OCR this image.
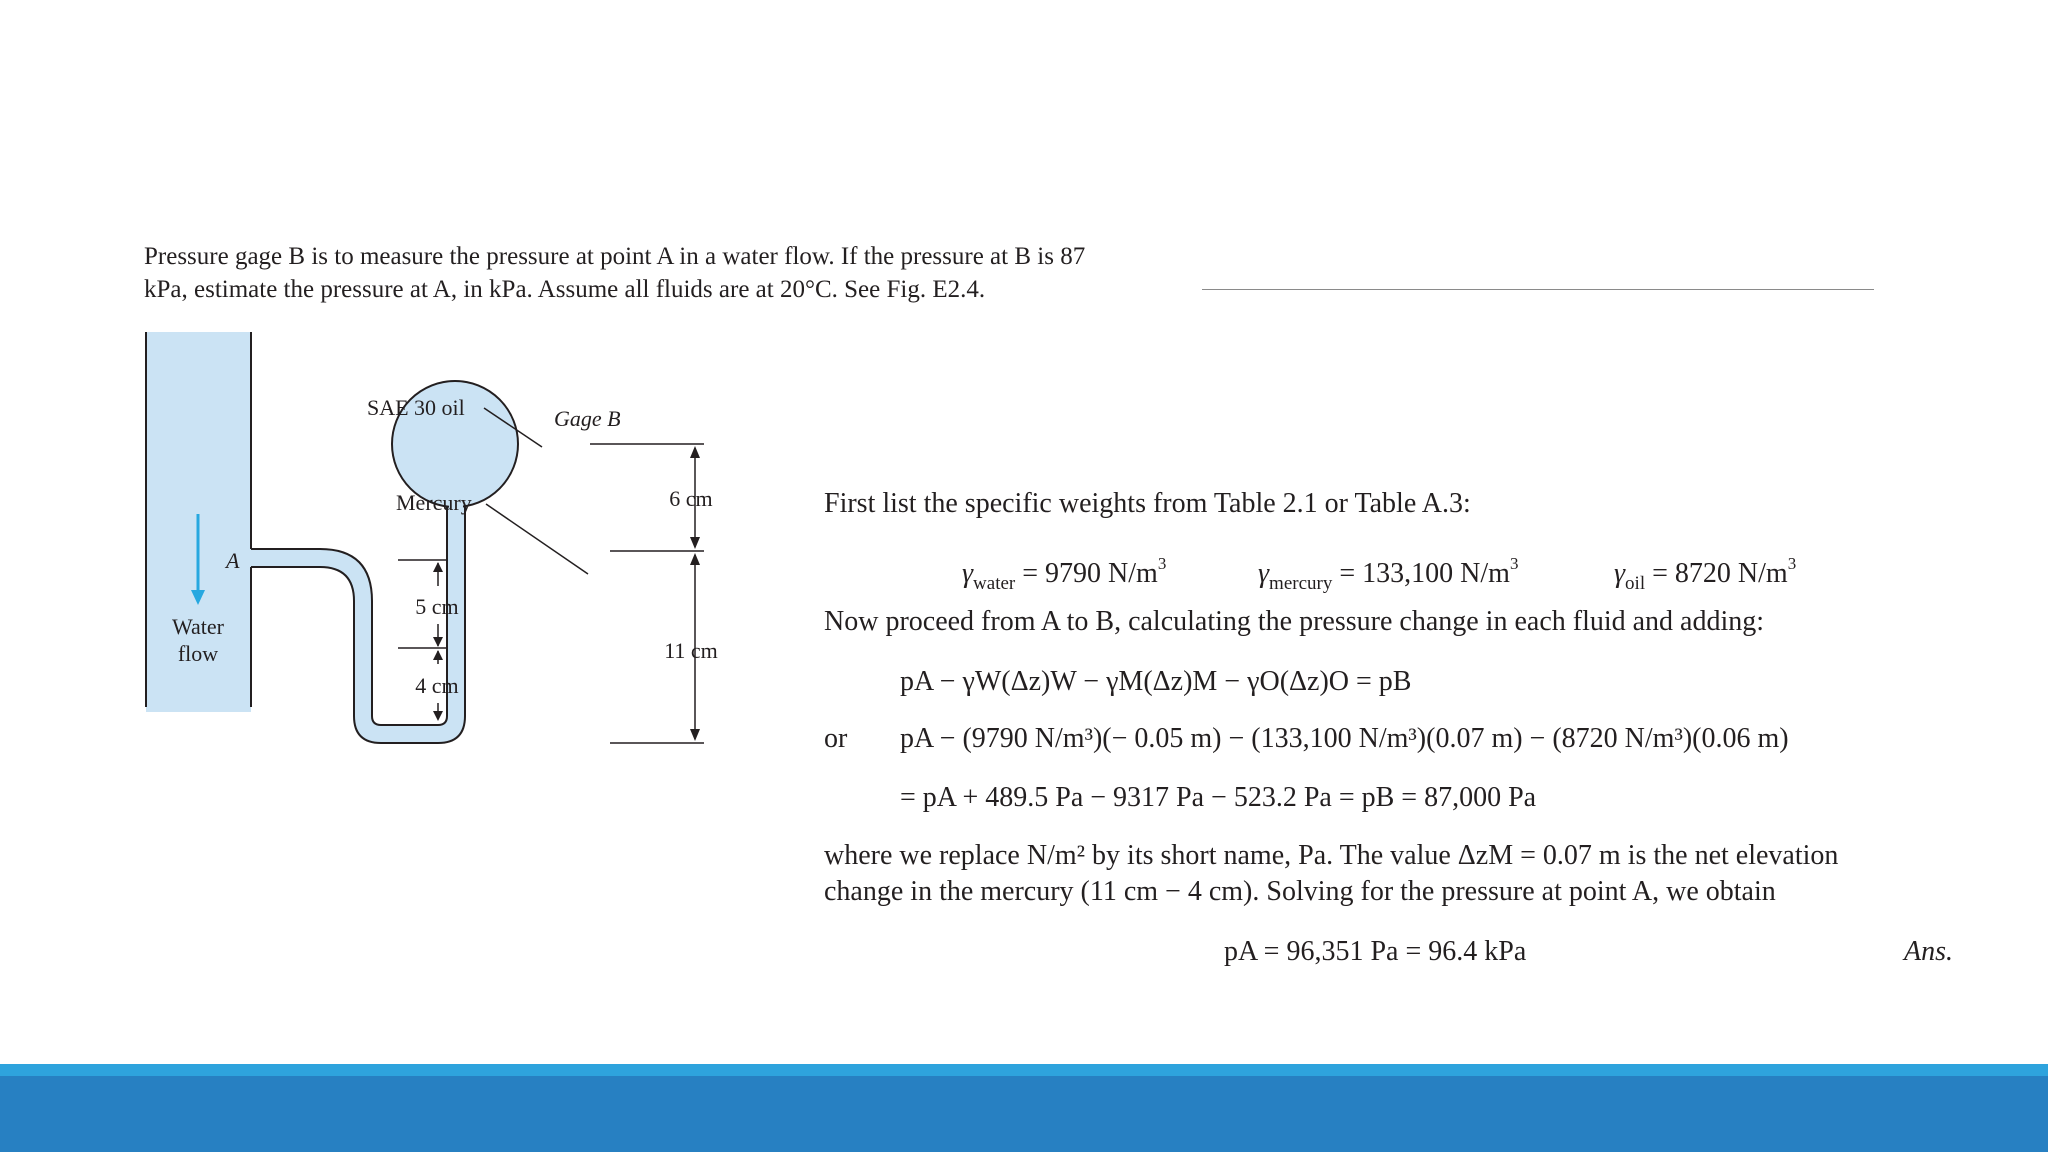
Pressure gage B is to measure the pressure at point A in a water flow. If the pressure at B is 87

kPa, estimate the pressure at A, in kPa. Assume all fluids are at 20°C. See Fig. E2.4.

SAE 30 oil	Gage B
Mercury
A
Water
flow
5 cm
4 cm
6 cm
11 cm
First list the specific weights from Table 2.1 or Table A.3:
$\gamma_{water} = 9790$ $N/m^3$	$\gamma_{mercury} = 133,100$ $N/m^3$	$\gamma_{oil} = 8720$ $N/m^3$
Now proceed from A to B, calculating the pressure change in each fluid and adding:
pA − γW(Δz)W − γM(Δz)M − γO(Δz)O = pB
or pA − (9790 N/m³)(− 0.05 m) − (133,100 N/m³)(0.07 m) − (8720 N/m³)(0.06 m)
= pA + 489.5 Pa − 9317 Pa − 523.2 Pa = pB = 87,000 Pa
where we replace N/m² by its short name, Pa. The value ΔzM = 0.07 m is the net elevation
change in the mercury (11 cm − 4 cm). Solving for the pressure at point A, we obtain
pA = 96,351 Pa = 96.4 kPa	Ans.
